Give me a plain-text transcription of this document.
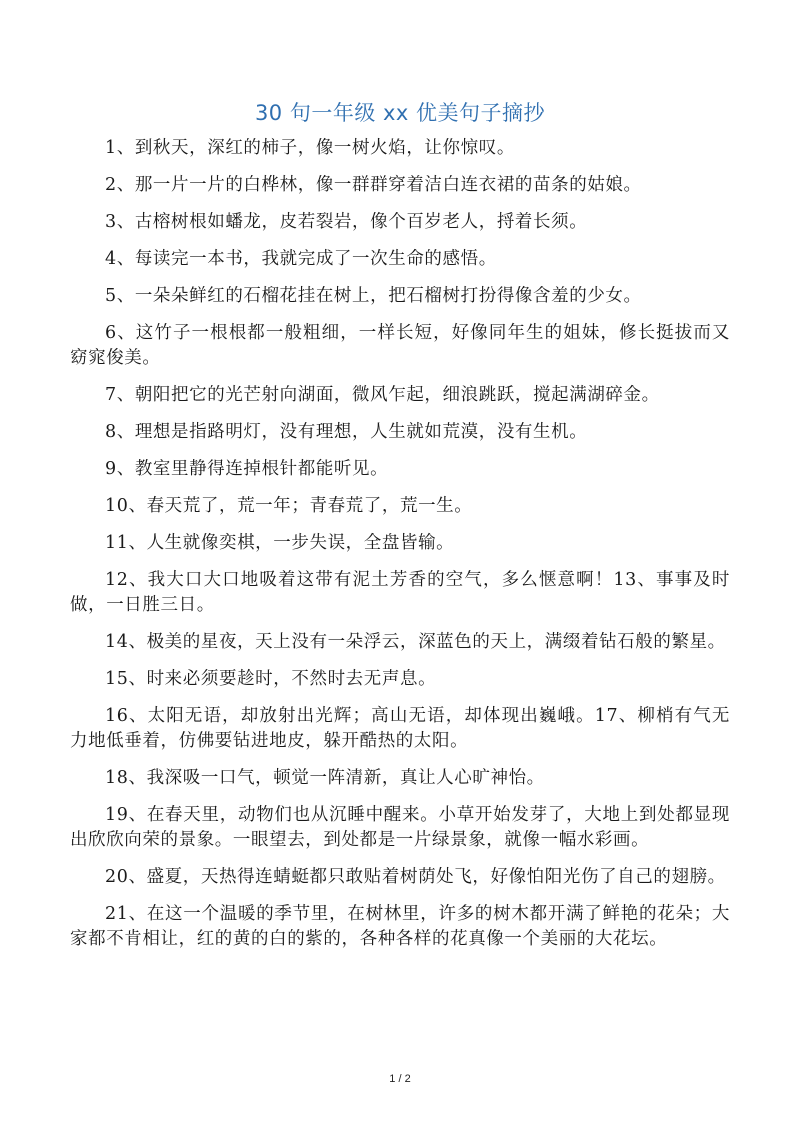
30 句一年级 xx 优美句子摘抄

1、到秋天，深红的柿子，像一树火焰，让你惊叹。

2、那一片一片的白桦林，像一群群穿着洁白连衣裙的苗条的姑娘。

3、古榕树根如蟠龙，皮若裂岩，像个百岁老人，捋着长须。

4、每读完一本书，我就完成了一次生命的感悟。

5、一朵朵鲜红的石榴花挂在树上，把石榴树打扮得像含羞的少女。

6、这竹子一根根都一般粗细，一样长短，好像同年生的姐妹，修长挺拔而又窈窕俊美。

7、朝阳把它的光芒射向湖面，微风乍起，细浪跳跃，搅起满湖碎金。

8、理想是指路明灯，没有理想，人生就如荒漠，没有生机。

9、教室里静得连掉根针都能听见。

10、春天荒了，荒一年；青春荒了，荒一生。

11、人生就像奕棋，一步失误，全盘皆输。

12、我大口大口地吸着这带有泥土芳香的空气，多么惬意啊！13、事事及时做，一日胜三日。

14、极美的星夜，天上没有一朵浮云，深蓝色的天上，满缀着钻石般的繁星。

15、时来必须要趁时，不然时去无声息。

16、太阳无语，却放射出光辉；高山无语，却体现出巍峨。17、柳梢有气无力地低垂着，仿佛要钻进地皮，躲开酷热的太阳。

18、我深吸一口气，顿觉一阵清新，真让人心旷神怡。

19、在春天里，动物们也从沉睡中醒来。小草开始发芽了，大地上到处都显现出欣欣向荣的景象。一眼望去，到处都是一片绿景象，就像一幅水彩画。

20、盛夏，天热得连蜻蜓都只敢贴着树荫处飞，好像怕阳光伤了自己的翅膀。

21、在这一个温暖的季节里，在树林里，许多的树木都开满了鲜艳的花朵；大家都不肯相让，红的黄的白的紫的，各种各样的花真像一个美丽的大花坛。

1 / 2
